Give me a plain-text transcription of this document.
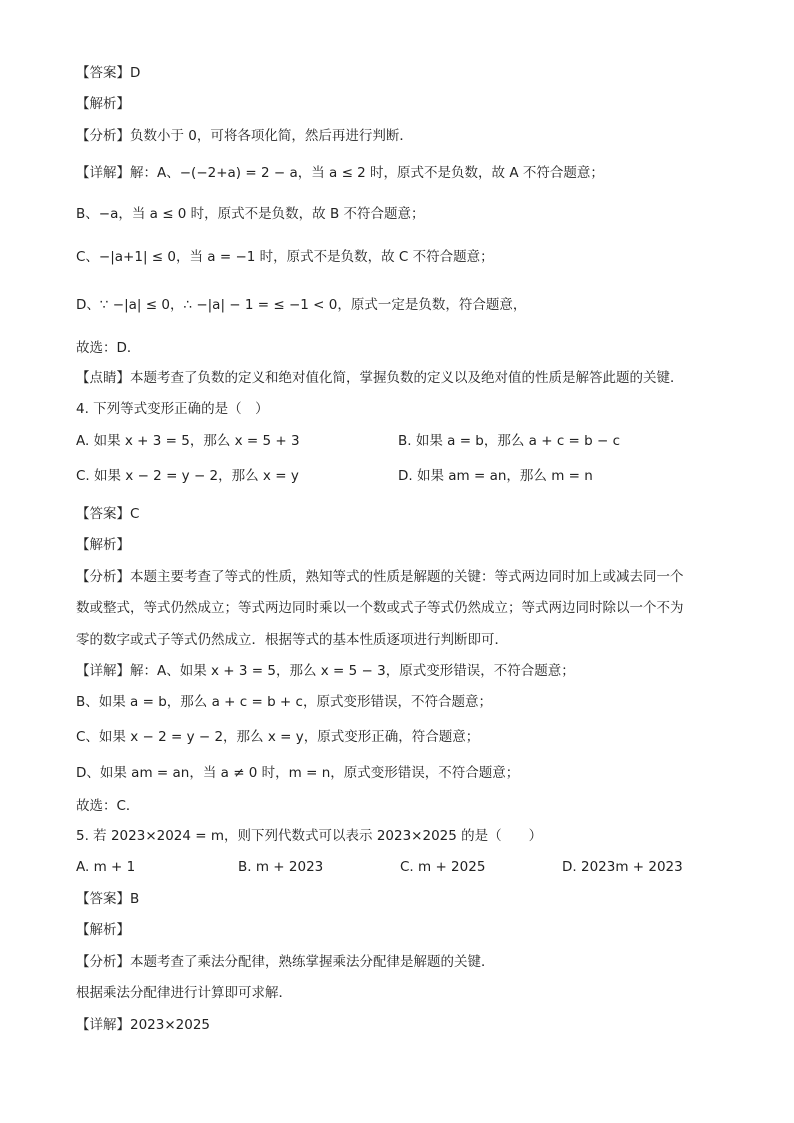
【答案】D
【解析】
【分析】负数小于 0，可将各项化简，然后再进行判断．
【详解】解：A、−(−2+a) = 2 − a，当 a ≤ 2 时，原式不是负数，故 A 不符合题意；
B、−a，当 a ≤ 0 时，原式不是负数，故 B 不符合题意；
C、−|a+1| ≤ 0，当 a = −1 时，原式不是负数，故 C 不符合题意；
D、∵ −|a| ≤ 0，∴ −|a| − 1 = ≤ −1 < 0，原式一定是负数，符合题意，
故选：D．
【点睛】本题考查了负数的定义和绝对值化简，掌握负数的定义以及绝对值的性质是解答此题的关键．
4. 下列等式变形正确的是（　）
A. 如果 x + 3 = 5，那么 x = 5 + 3	B. 如果 a = b，那么 a + c = b − c
C. 如果 x − 2 = y − 2，那么 x = y	D. 如果 am = an，那么 m = n
【答案】C
【解析】
【分析】本题主要考查了等式的性质，熟知等式的性质是解题的关键：等式两边同时加上或减去同一个
数或整式，等式仍然成立；等式两边同时乘以一个数或式子等式仍然成立；等式两边同时除以一个不为
零的数字或式子等式仍然成立．根据等式的基本性质逐项进行判断即可．
【详解】解：A、如果 x + 3 = 5，那么 x = 5 − 3，原式变形错误，不符合题意；
B、如果 a = b，那么 a + c = b + c，原式变形错误，不符合题意；
C、如果 x − 2 = y − 2，那么 x = y，原式变形正确，符合题意；
D、如果 am = an，当 a ≠ 0 时，m = n，原式变形错误，不符合题意；
故选：C．
5. 若 2023×2024 = m，则下列代数式可以表示 2023×2025 的是（　　）
A. m + 1	B. m + 2023	C. m + 2025	D. 2023m + 2023
【答案】B
【解析】
【分析】本题考查了乘法分配律，熟练掌握乘法分配律是解题的关键．
根据乘法分配律进行计算即可求解．
【详解】2023×2025
